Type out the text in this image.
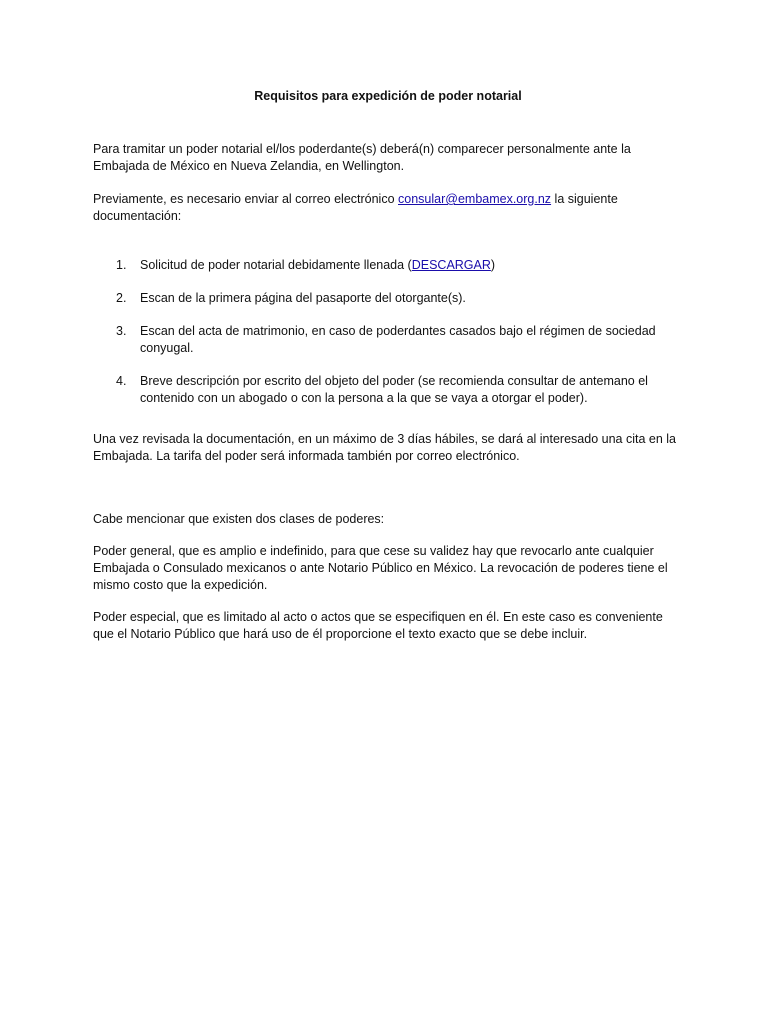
Requisitos para expedición de poder notarial

Para tramitar un poder notarial el/los poderdante(s) deberá(n) comparecer personalmente ante la Embajada de México en Nueva Zelandia, en Wellington.

Previamente, es necesario enviar al correo electrónico consular@embamex.org.nz la siguiente documentación:

1. Solicitud de poder notarial debidamente llenada (DESCARGAR)
2. Escan de la primera página del pasaporte del otorgante(s).
3. Escan del acta de matrimonio, en caso de poderdantes casados bajo el régimen de sociedad conyugal.
4. Breve descripción por escrito del objeto del poder (se recomienda consultar de antemano el contenido con un abogado o con la persona a la que se vaya a otorgar el poder).

Una vez revisada la documentación, en un máximo de 3 días hábiles, se dará al interesado una cita en la Embajada. La tarifa del poder será informada también por correo electrónico.

Cabe mencionar que existen dos clases de poderes:

Poder general, que es amplio e indefinido, para que cese su validez hay que revocarlo ante cualquier Embajada o Consulado mexicanos o ante Notario Público en México. La revocación de poderes tiene el mismo costo que la expedición.

Poder especial, que es limitado al acto o actos que se especifiquen en él. En este caso es conveniente que el Notario Público que hará uso de él proporcione el texto exacto que se debe incluir.
